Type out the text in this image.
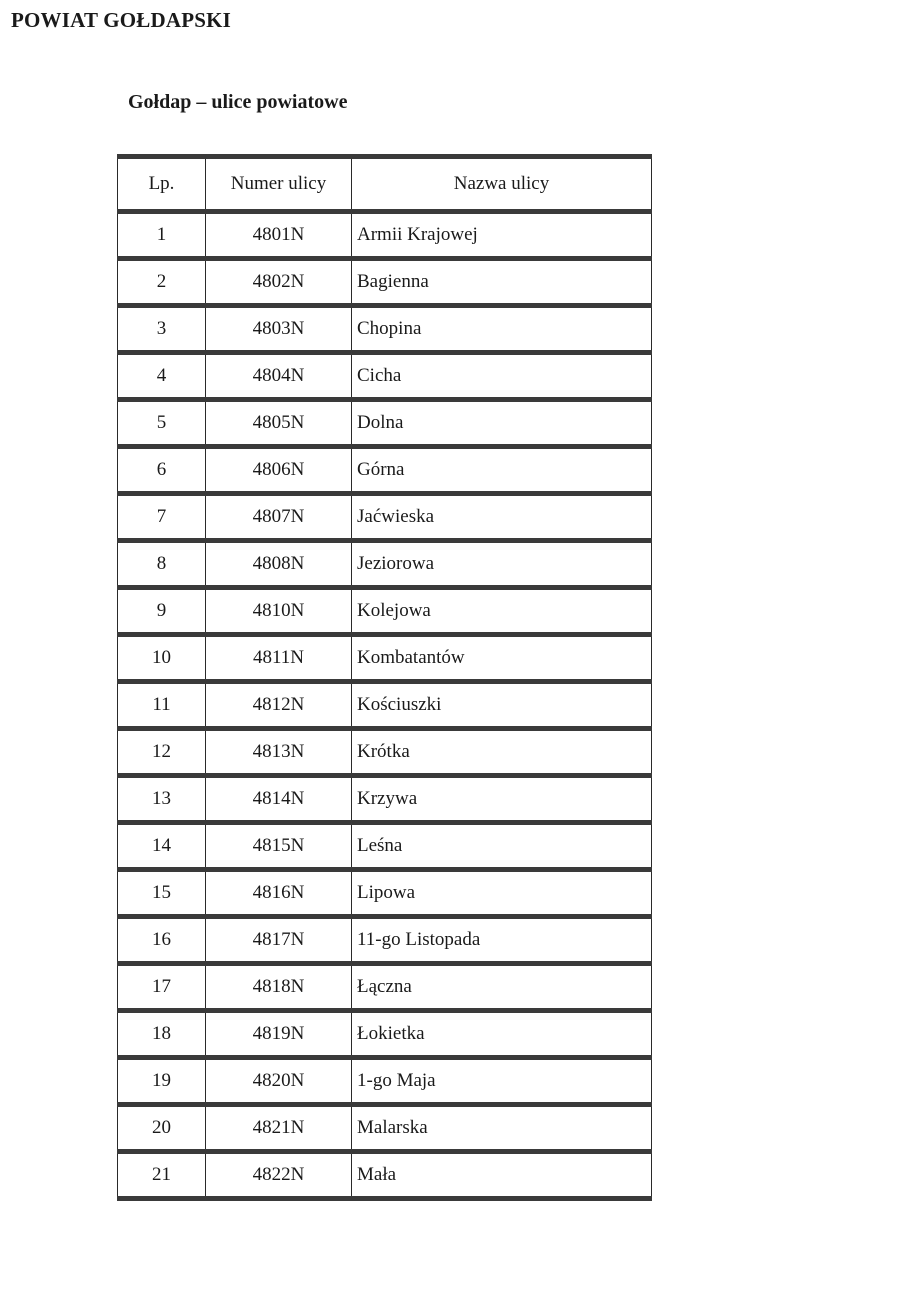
POWIAT GOŁDAPSKI
Gołdap – ulice powiatowe
Lp.	Numer ulicy	Nazwa ulicy
1	4801N	Armii Krajowej
2	4802N	Bagienna
3	4803N	Chopina
4	4804N	Cicha
5	4805N	Dolna
6	4806N	Górna
7	4807N	Jaćwieska
8	4808N	Jeziorowa
9	4810N	Kolejowa
10	4811N	Kombatantów
11	4812N	Kościuszki
12	4813N	Krótka
13	4814N	Krzywa
14	4815N	Leśna
15	4816N	Lipowa
16	4817N	11-go Listopada
17	4818N	Łączna
18	4819N	Łokietka
19	4820N	1-go Maja
20	4821N	Malarska
21	4822N	Mała
